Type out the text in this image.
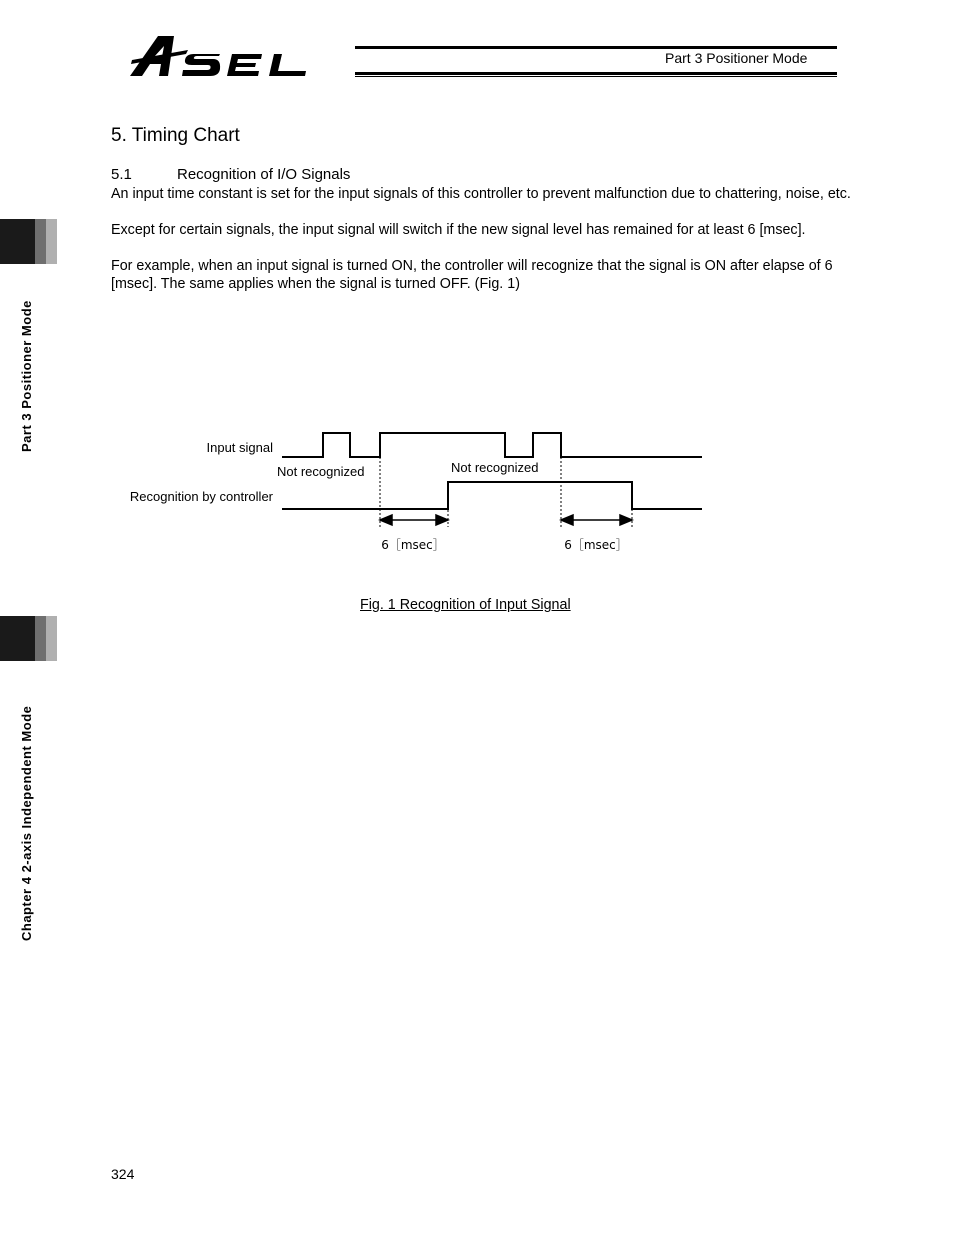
Part 3 Positioner Mode
Part 3 Positioner Mode
Chapter 4 2-axis Independent Mode
5. Timing Chart
5.1	Recognition of I/O Signals
An input time constant is set for the input signals of this controller to prevent malfunction due to chattering, noise, etc.
Except for certain signals, the input signal will switch if the new signal level has remained for at least 6 [msec].
For example, when an input signal is turned ON, the controller will recognize that the signal is ON after elapse of 6 [msec]. The same applies when the signal is turned OFF. (Fig. 1)
Input signal
Recognition by controller
Not recognized	Not recognized
6［msec］	6［msec］
Fig. 1 Recognition of Input Signal
324
